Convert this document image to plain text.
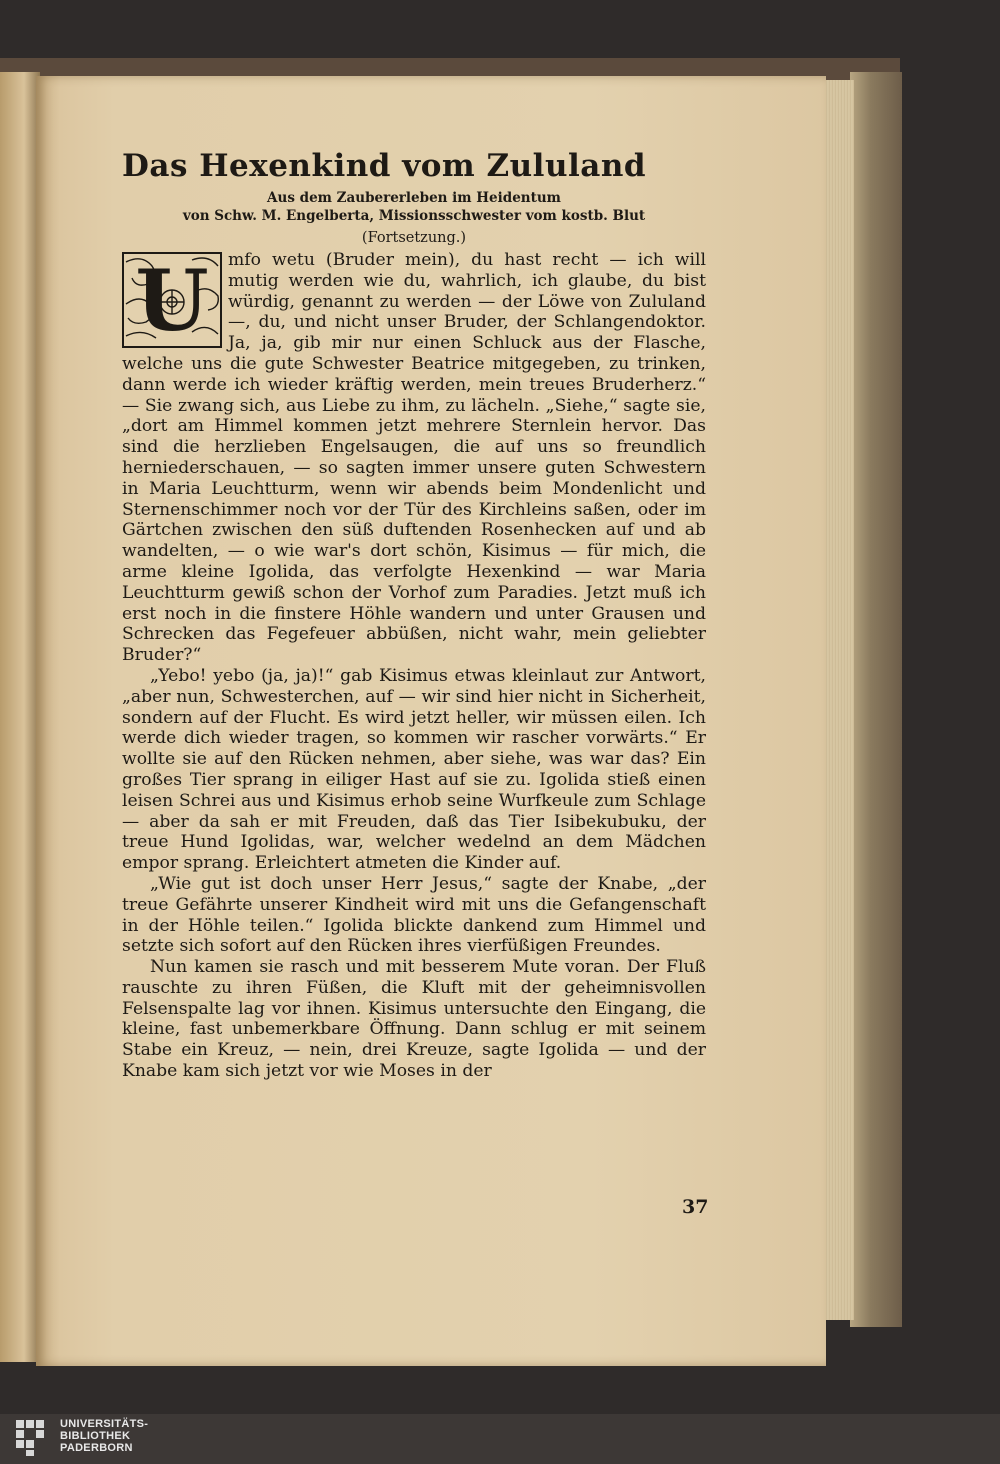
Das Hexenkind vom Zululand
Aus dem Zaubererleben im Heidentum
von Schw. M. Engelberta, Missionsschwester vom kostb. Blut
(Fortsetzung.)
U	mfo wetu (Bruder mein), du hast recht — ich will mutig werden wie du, wahrlich, ich glaube, du bist würdig, genannt zu werden — der Löwe von Zululand —, du, und nicht unser Bruder, der Schlangendoktor. Ja, ja, gib mir nur einen Schluck aus der Flasche, welche uns die gute Schwester Beatrice mitgegeben, zu trinken, dann werde ich wieder kräftig werden, mein treues Bruderherz.“ — Sie zwang sich, aus Liebe zu ihm, zu lächeln. „Siehe,“ sagte sie, „dort am Himmel kommen jetzt mehrere Sternlein hervor. Das sind die herzlieben Engelsaugen, die auf uns so freundlich herniederschauen, — so sagten immer unsere guten Schwestern in Maria Leuchtturm, wenn wir abends beim Mondenlicht und Sternenschimmer noch vor der Tür des Kirchleins saßen, oder im Gärtchen zwischen den süß duftenden Rosenhecken auf und ab wandelten, — o wie war's dort schön, Kisimus — für mich, die arme kleine Igolida, das verfolgte Hexenkind — war Maria Leuchtturm gewiß schon der Vorhof zum Paradies. Jetzt muß ich erst noch in die finstere Höhle wandern und unter Grausen und Schrecken das Fegefeuer abbüßen, nicht wahr, mein geliebter Bruder?“

„Yebo! yebo (ja, ja)!“ gab Kisimus etwas kleinlaut zur Antwort, „aber nun, Schwesterchen, auf — wir sind hier nicht in Sicherheit, sondern auf der Flucht. Es wird jetzt heller, wir müssen eilen. Ich werde dich wieder tragen, so kommen wir rascher vorwärts.“ Er wollte sie auf den Rücken nehmen, aber siehe, was war das? Ein großes Tier sprang in eiliger Hast auf sie zu. Igolida stieß einen leisen Schrei aus und Kisimus erhob seine Wurfkeule zum Schlage — aber da sah er mit Freuden, daß das Tier Isibekubuku, der treue Hund Igolidas, war, welcher wedelnd an dem Mädchen empor sprang. Erleichtert atmeten die Kinder auf.

„Wie gut ist doch unser Herr Jesus,“ sagte der Knabe, „der treue Gefährte unserer Kindheit wird mit uns die Gefangenschaft in der Höhle teilen.“ Igolida blickte dankend zum Himmel und setzte sich sofort auf den Rücken ihres vierfüßigen Freundes.

Nun kamen sie rasch und mit besserem Mute voran. Der Fluß rauschte zu ihren Füßen, die Kluft mit der geheimnisvollen Felsenspalte lag vor ihnen. Kisimus untersuchte den Eingang, die kleine, fast unbemerkbare Öffnung. Dann schlug er mit seinem Stabe ein Kreuz, — nein, drei Kreuze, sagte Igolida — und der Knabe kam sich jetzt vor wie Moses in der

37
UNIVERSITÄTS-
BIBLIOTHEK
PADERBORN
